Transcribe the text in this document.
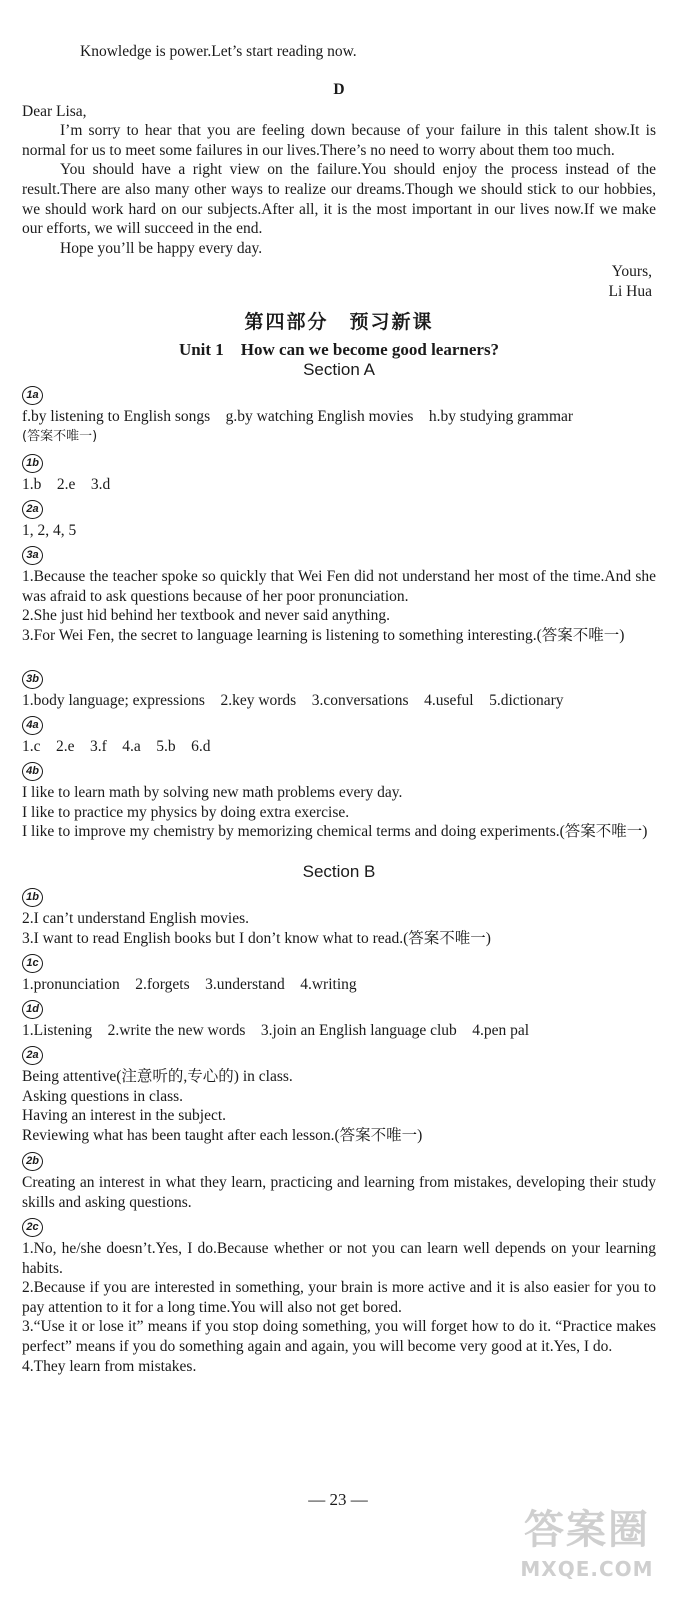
Knowledge is power.Let’s start reading now.

D

Dear Lisa,

I’m sorry to hear that you are feeling down because of your failure in this talent show.It is normal for us to meet some failures in our lives.There’s no need to worry about them too much.

You should have a right view on the failure.You should enjoy the process instead of the result.There are also many other ways to realize our dreams.Though we should stick to our hobbies, we should work hard on our subjects.After all, it is the most important in our lives now.If we make our efforts, we will succeed in the end.

Hope you’ll be happy every day.

Yours,

Li Hua

第四部分　预习新课
Unit 1　How can we become good learners?
Section A
1a

f.by listening to English songs　g.by watching English movies　h.by studying grammar

(答案不唯一)

1b

1.b　2.e　3.d

2a

1, 2, 4, 5

3a

1.Because the teacher spoke so quickly that Wei Fen did not understand her most of the time.And she was afraid to ask questions because of her poor pronunciation.

2.She just hid behind her textbook and never said anything.

3.For Wei Fen, the secret to language learning is listening to something interesting.(答案不唯一)

3b

1.body language; expressions　2.key words　3.conversations　4.useful　5.dictionary

4a

1.c　2.e　3.f　4.a　5.b　6.d

4b

I like to learn math by solving new math problems every day.

I like to practice my physics by doing extra exercise.

I like to improve my chemistry by memorizing chemical terms and doing experiments.(答案不唯一)

Section B
1b

2.I can’t understand English movies.

3.I want to read English books but I don’t know what to read.(答案不唯一)

1c

1.pronunciation　2.forgets　3.understand　4.writing

1d

1.Listening　2.write the new words　3.join an English language club　4.pen pal

2a

Being attentive(注意听的,专心的) in class.

Asking questions in class.

Having an interest in the subject.

Reviewing what has been taught after each lesson.(答案不唯一)

2b

Creating an interest in what they learn, practicing and learning from mistakes, developing their study skills and asking questions.

2c

1.No, he/she doesn’t.Yes, I do.Because whether or not you can learn well depends on your learning habits.

2.Because if you are interested in something, your brain is more active and it is also easier for you to pay attention to it for a long time.You will also not get bored.

3.“Use it or lose it” means if you stop doing something, you will forget how to do it. “Practice makes perfect” means if you do something again and again, you will become very good at it.Yes, I do.

4.They learn from mistakes.

— 23 —
答案圈
MXQE.COM
